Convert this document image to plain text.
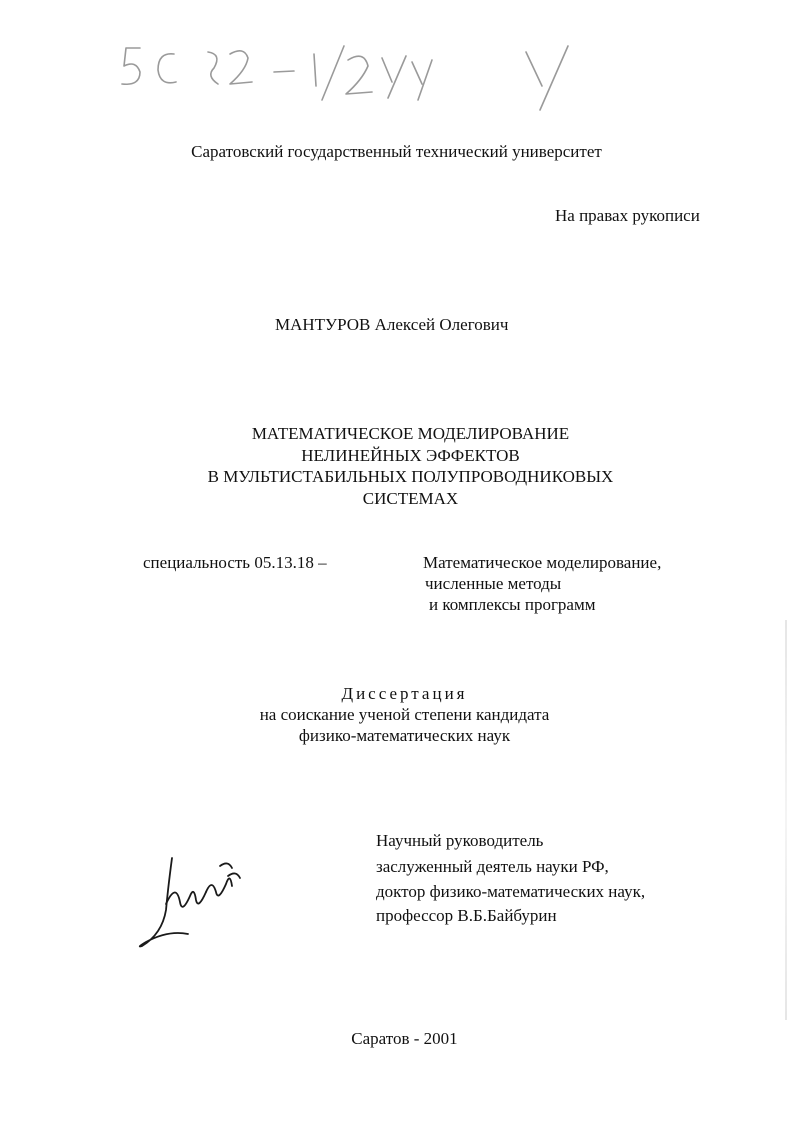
Саратовский государственный технический университет
На правах рукописи
МАНТУРОВ Алексей Олегович
МАТЕМАТИЧЕСКОЕ МОДЕЛИРОВАНИЕ
НЕЛИНЕЙНЫХ ЭФФЕКТОВ
В МУЛЬТИСТАБИЛЬНЫХ ПОЛУПРОВОДНИКОВЫХ
СИСТЕМАХ
специальность 05.13.18 –	Математическое моделирование,
численные методы
и комплексы программ
Диссертация
на соискание ученой степени кандидата
физико-математических наук
Научный руководитель
заслуженный деятель науки РФ,
доктор физико-математических наук,
профессор В.Б.Байбурин
Саратов - 2001
